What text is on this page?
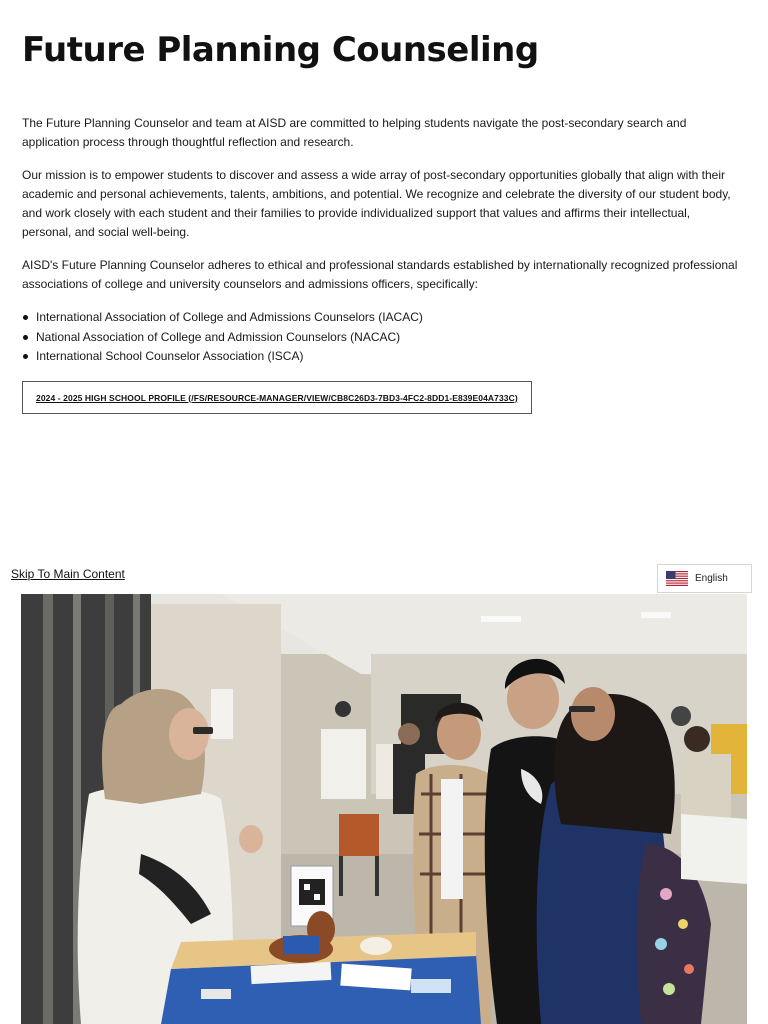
Future Planning Counseling

The Future Planning Counselor and team at AISD are committed to helping students navigate the post-secondary search and application process through thoughtful reflection and research.

Our mission is to empower students to discover and assess a wide array of post-secondary opportunities globally that align with their academic and personal achievements, talents, ambitions, and potential. We recognize and celebrate the diversity of our student body, and work closely with each student and their families to provide individualized support that values and affirms their intellectual, personal, and social well-being.

AISD's Future Planning Counselor adheres to ethical and professional standards established by internationally recognized professional associations of college and university counselors and admissions officers, specifically:

International Association of College and Admissions Counselors (IACAC)
National Association of College and Admission Counselors (NACAC)
International School Counselor Association (ISCA)
2024 - 2025 HIGH SCHOOL PROFILE (/FS/RESOURCE-MANAGER/VIEW/CB8C26D3-7BD3-4FC2-8DD1-E839E04A733C)
Skip To Main Content	English
